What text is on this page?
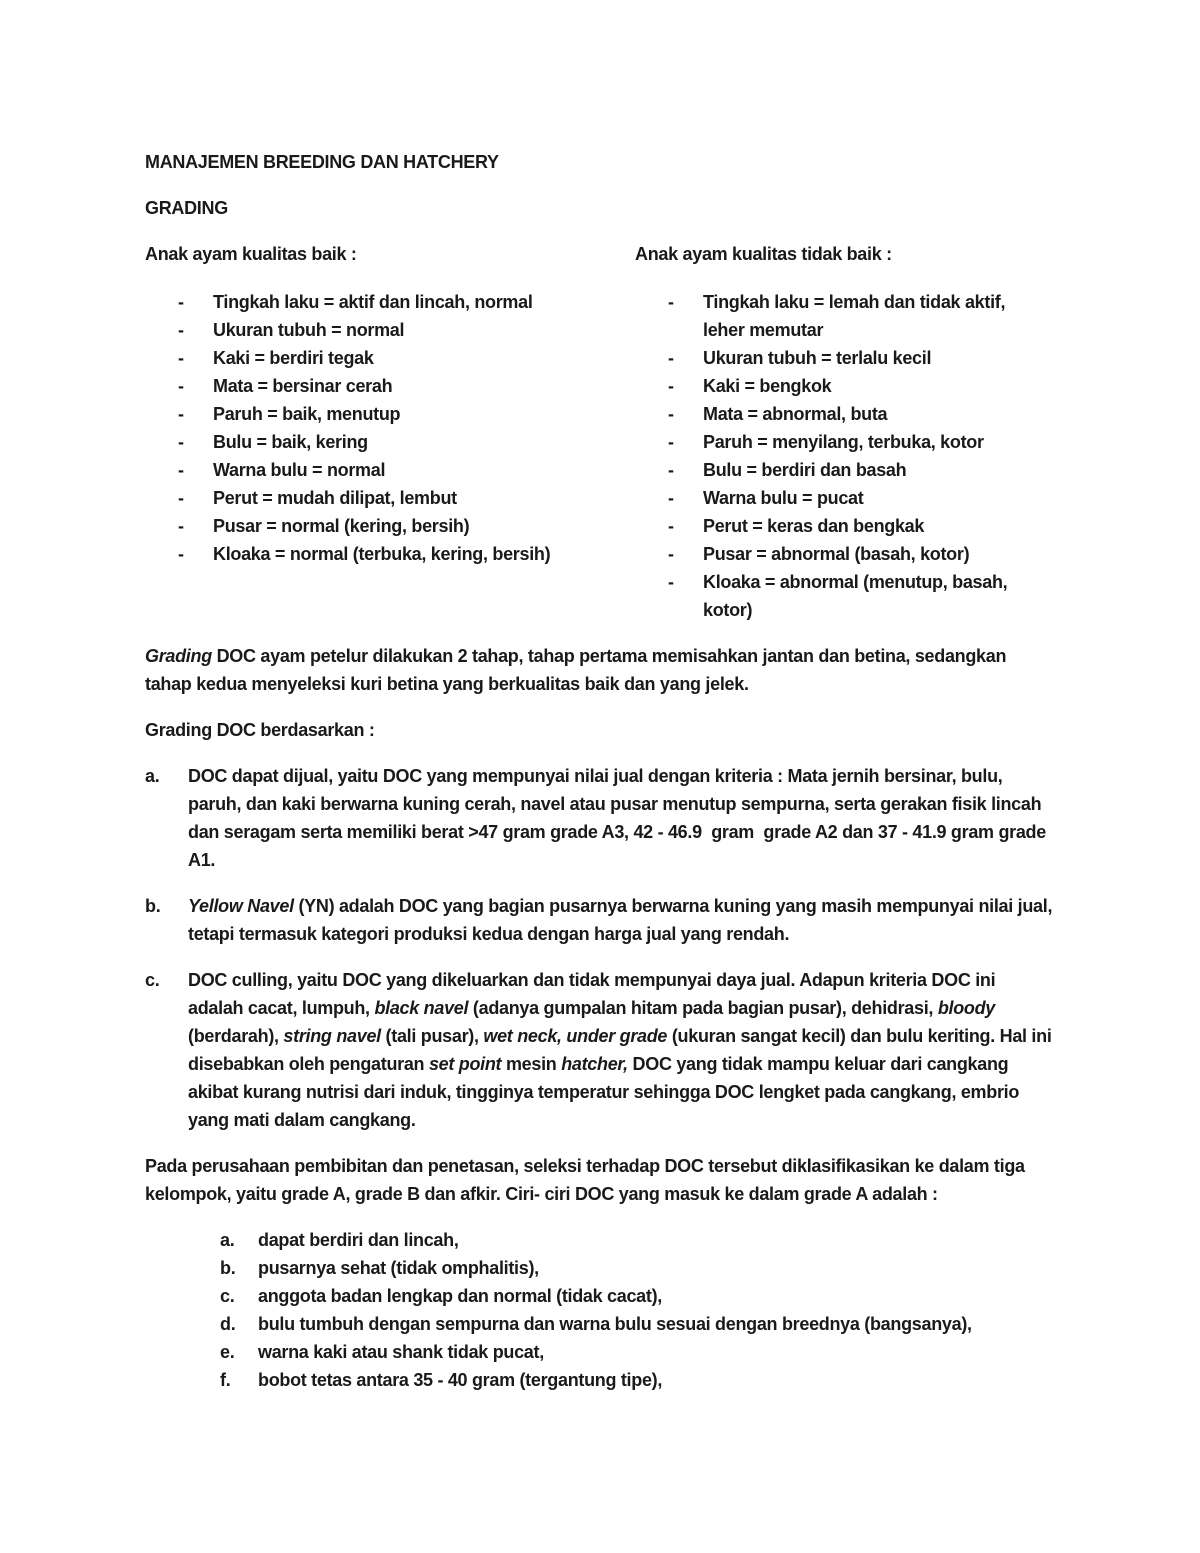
MANAJEMEN BREEDING DAN HATCHERY

GRADING

Anak ayam kualitas baik :

-	Tingkah laku = aktif dan lincah, normal
-	Ukuran tubuh = normal
-	Kaki = berdiri tegak
-	Mata = bersinar cerah
-	Paruh = baik, menutup
-	Bulu = baik, kering
-	Warna bulu = normal
-	Perut = mudah dilipat, lembut
-	Pusar = normal (kering, bersih)
-	Kloaka = normal (terbuka, kering, bersih)

Anak ayam kualitas tidak baik :

-	Tingkah laku = lemah dan tidak aktif, leher memutar
-	Ukuran tubuh = terlalu kecil
-	Kaki = bengkok
-	Mata = abnormal, buta
-	Paruh = menyilang, terbuka, kotor
-	Bulu = berdiri dan basah
-	Warna bulu = pucat
-	Perut = keras dan bengkak
-	Pusar = abnormal (basah, kotor)
-	Kloaka = abnormal (menutup, basah, kotor)

Grading DOC ayam petelur dilakukan 2 tahap, tahap pertama memisahkan jantan dan betina, sedangkan tahap kedua menyeleksi kuri betina yang berkualitas baik dan yang jelek.

Grading DOC berdasarkan :

a.	DOC dapat dijual, yaitu DOC yang mempunyai nilai jual dengan kriteria : Mata jernih bersinar, bulu, paruh, dan kaki berwarna kuning cerah, navel atau pusar menutup sempurna, serta gerakan fisik lincah dan seragam serta memiliki berat >47 gram grade A3, 42 - 46.9  gram  grade A2 dan 37 - 41.9 gram grade A1.
b.	Yellow Navel (YN) adalah DOC yang bagian pusarnya berwarna kuning yang masih mempunyai nilai jual, tetapi termasuk kategori produksi kedua dengan harga jual yang rendah.
c.	DOC culling, yaitu DOC yang dikeluarkan dan tidak mempunyai daya jual. Adapun kriteria DOC ini adalah cacat, lumpuh, black navel (adanya gumpalan hitam pada bagian pusar), dehidrasi, bloody (berdarah), string navel (tali pusar), wet neck, under grade (ukuran sangat kecil) dan bulu keriting. Hal ini disebabkan oleh pengaturan set point mesin hatcher, DOC yang tidak mampu keluar dari cangkang akibat kurang nutrisi dari induk, tingginya temperatur sehingga DOC lengket pada cangkang, embrio yang mati dalam cangkang.

Pada perusahaan pembibitan dan penetasan, seleksi terhadap DOC tersebut diklasifikasikan ke dalam tiga kelompok, yaitu grade A, grade B dan afkir. Ciri- ciri DOC yang masuk ke dalam grade A adalah :

a.	dapat berdiri dan lincah,
b.	pusarnya sehat (tidak omphalitis),
c.	anggota badan lengkap dan normal (tidak cacat),
d.	bulu tumbuh dengan sempurna dan warna bulu sesuai dengan breednya (bangsanya),
e.	warna kaki atau shank tidak pucat,
f.	bobot tetas antara 35 - 40 gram (tergantung tipe),
